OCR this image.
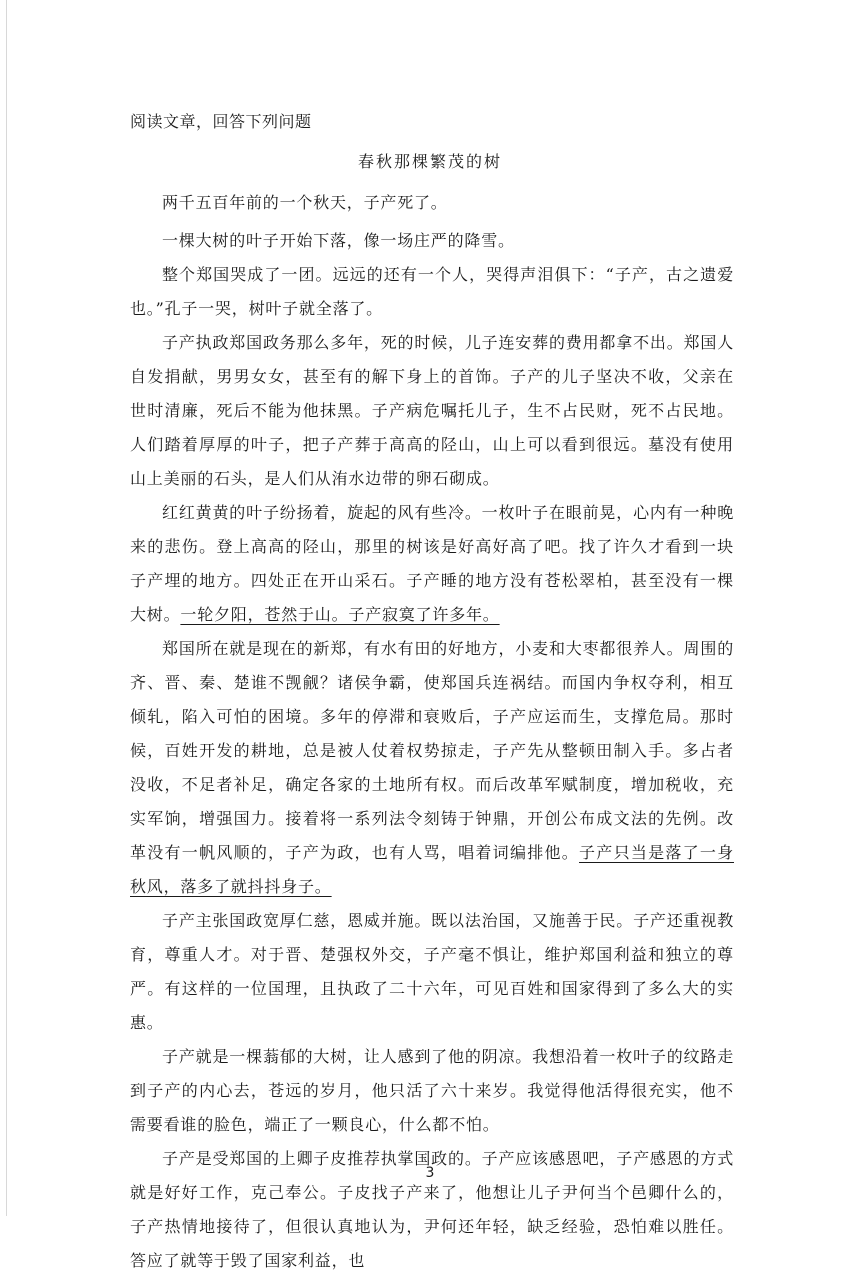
阅读文章，回答下列问题
春秋那棵繁茂的树

两千五百年前的一个秋天，子产死了。

一棵大树的叶子开始下落，像一场庄严的降雪。

整个郑国哭成了一团。远远的还有一个人，哭得声泪俱下：“子产，古之遗爱也。”孔子一哭，树叶子就全落了。

子产执政郑国政务那么多年，死的时候，儿子连安葬的费用都拿不出。郑国人自发捐献，男男女女，甚至有的解下身上的首饰。子产的儿子坚决不收，父亲在世时清廉，死后不能为他抹黑。子产病危嘱托儿子，生不占民财，死不占民地。人们踏着厚厚的叶子，把子产葬于高高的陉山，山上可以看到很远。墓没有使用山上美丽的石头，是人们从洧水边带的卵石砌成。

红红黄黄的叶子纷扬着，旋起的风有些冷。一枚叶子在眼前晃，心内有一种晚来的悲伤。登上高高的陉山，那里的树该是好高好高了吧。找了许久才看到一块子产埋的地方。四处正在开山采石。子产睡的地方没有苍松翠柏，甚至没有一棵大树。一轮夕阳，苍然于山。子产寂寞了许多年。

郑国所在就是现在的新郑，有水有田的好地方，小麦和大枣都很养人。周围的齐、晋、秦、楚谁不觊觎？诸侯争霸，使郑国兵连祸结。而国内争权夺利，相互倾轧，陷入可怕的困境。多年的停滞和衰败后，子产应运而生，支撑危局。那时候，百姓开发的耕地，总是被人仗着权势掠走，子产先从整顿田制入手。多占者没收，不足者补足，确定各家的土地所有权。而后改革军赋制度，增加税收，充实军饷，增强国力。接着将一系列法令刻铸于钟鼎，开创公布成文法的先例。改革没有一帆风顺的，子产为政，也有人骂，唱着词编排他。子产只当是落了一身秋风，落多了就抖抖身子。

子产主张国政宽厚仁慈，恩威并施。既以法治国，又施善于民。子产还重视教育，尊重人才。对于晋、楚强权外交，子产毫不惧让，维护郑国利益和独立的尊严。有这样的一位国理，且执政了二十六年，可见百姓和国家得到了多么大的实惠。

子产就是一棵蓊郁的大树，让人感到了他的阴凉。我想沿着一枚叶子的纹路走到子产的内心去，苍远的岁月，他只活了六十来岁。我觉得他活得很充实，他不需要看谁的脸色，端正了一颗良心，什么都不怕。

子产是受郑国的上卿子皮推荐执掌国政的。子产应该感恩吧，子产感恩的方式就是好好工作，克己奉公。子皮找子产来了，他想让儿子尹何当个邑卿什么的，子产热情地接待了，但很认真地认为，尹何还年轻，缺乏经验，恐怕难以胜任。答应了就等于毁了国家利益，也

3
